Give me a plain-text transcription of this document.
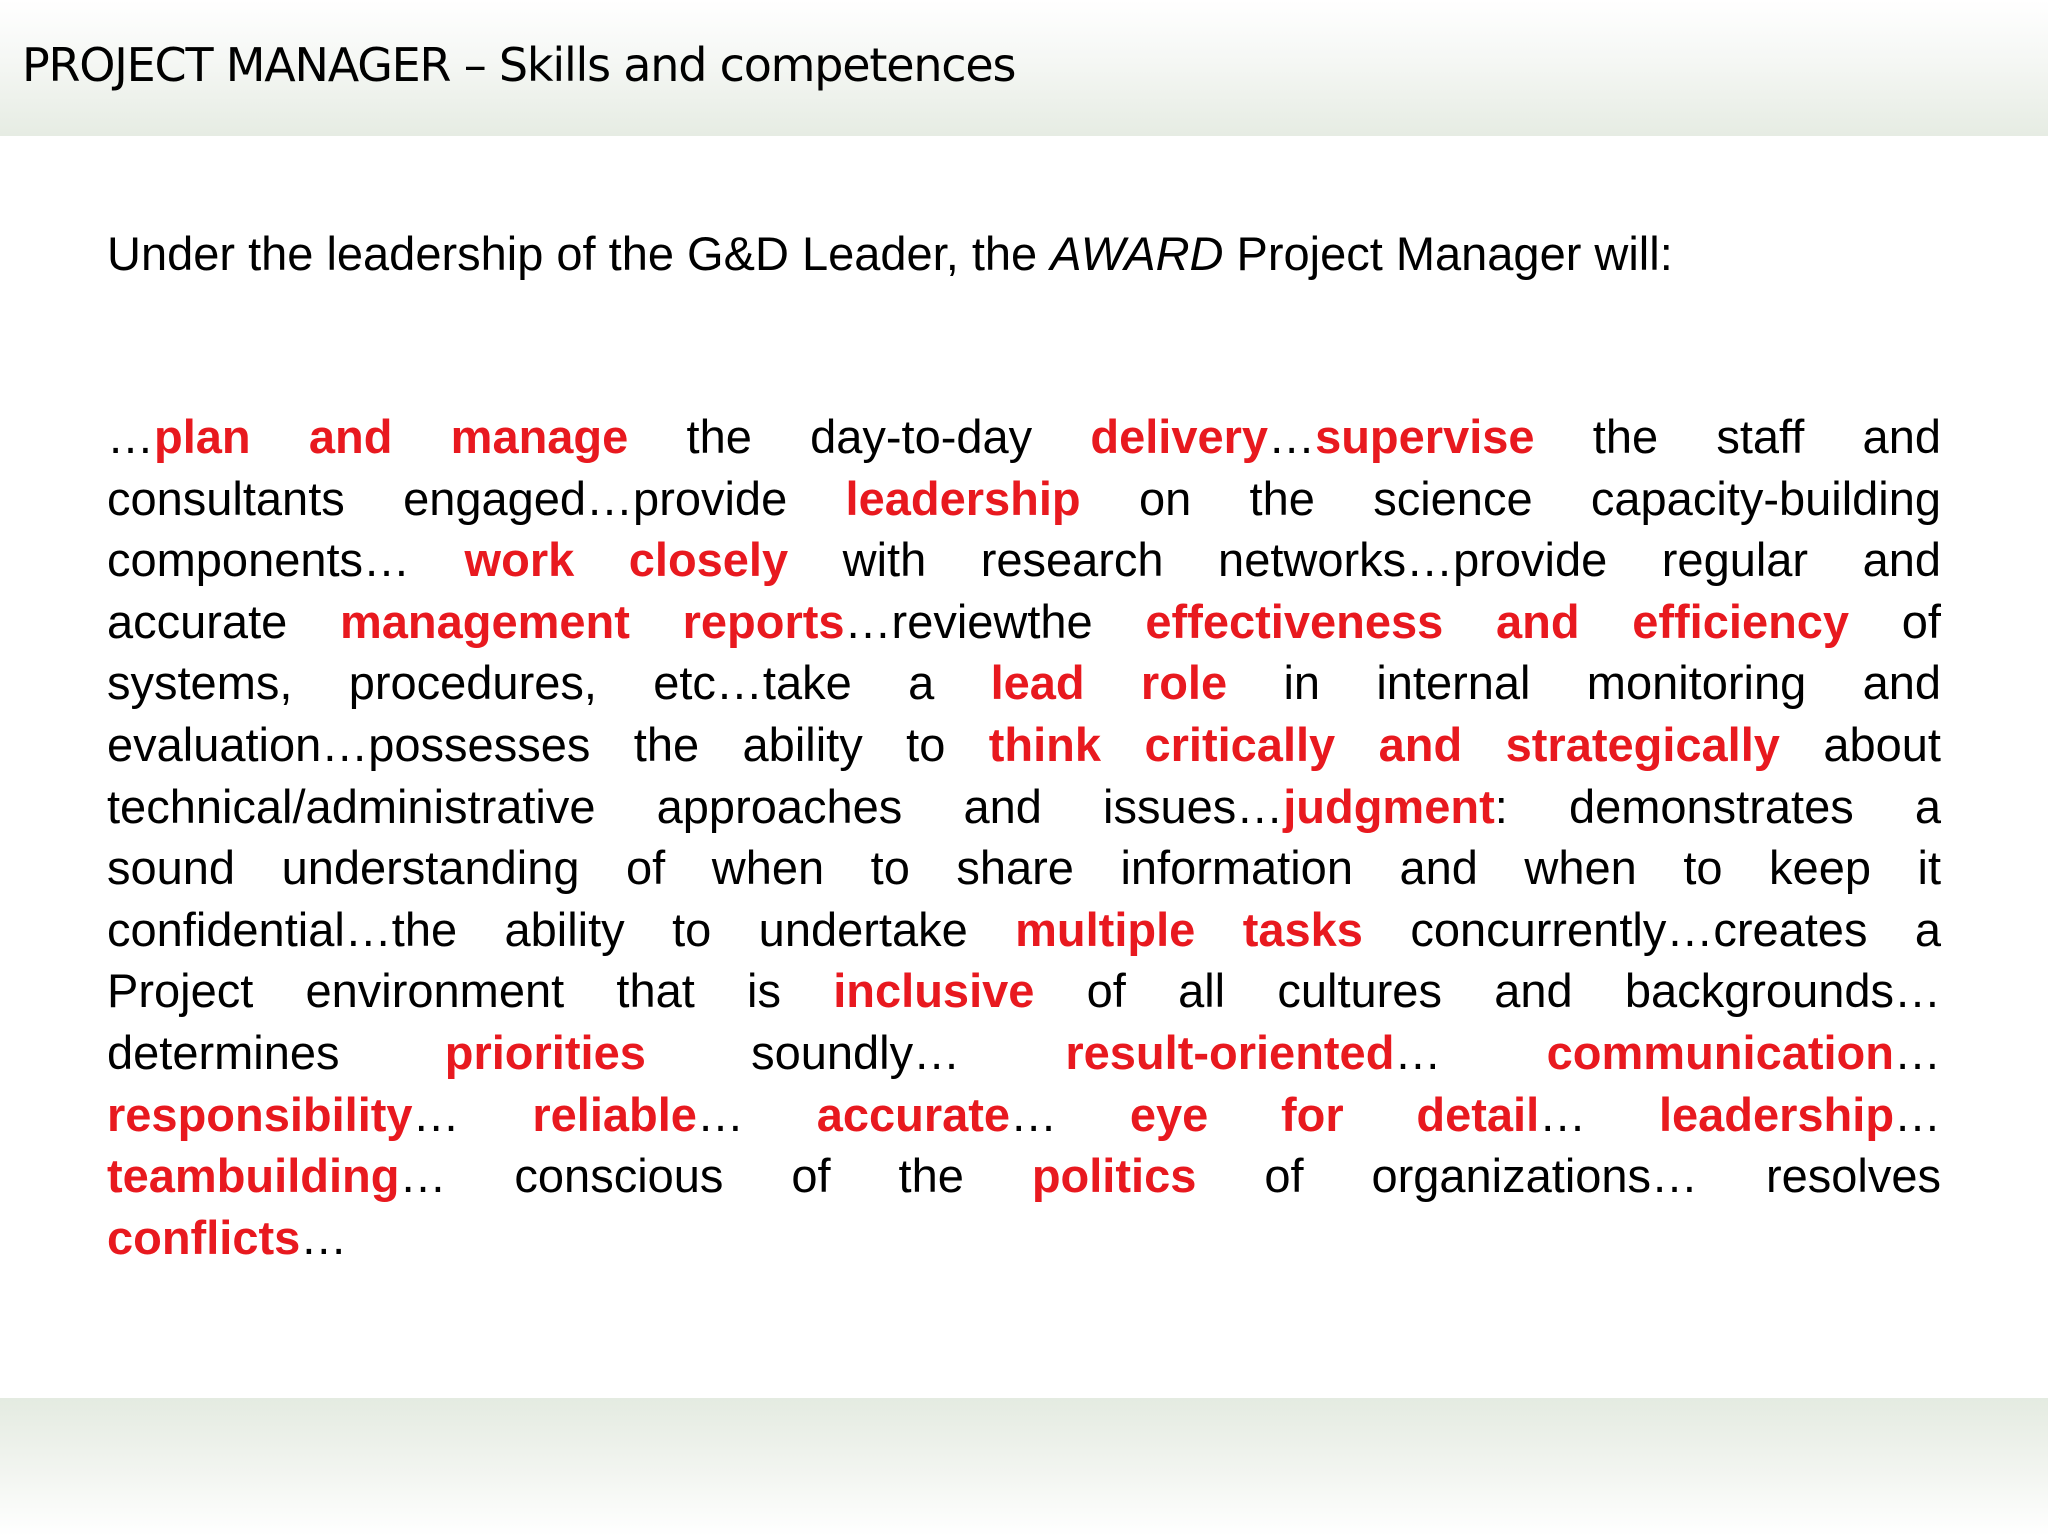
PROJECT MANAGER – Skills and competences
Under the leadership of the G&D Leader, the AWARD Project Manager will:
…plan and manage the day-to-day delivery…supervise the staff and
consultants engaged…provide leadership on the science capacity-building
components… work closely with research networks…provide regular and
accurate management reports…reviewthe effectiveness and efficiency of
systems, procedures, etc…take a lead role in internal monitoring and
evaluation…possesses the ability to think critically and strategically about
technical/administrative approaches and issues…judgment: demonstrates a
sound understanding of when to share information and when to keep it
confidential…the ability to undertake multiple tasks concurrently…creates a
Project environment that is inclusive of all cultures and backgrounds…
determines priorities soundly… result-oriented… communication…
responsibility… reliable… accurate… eye for detail… leadership…
teambuilding… conscious of the politics of organizations… resolves
conflicts…
